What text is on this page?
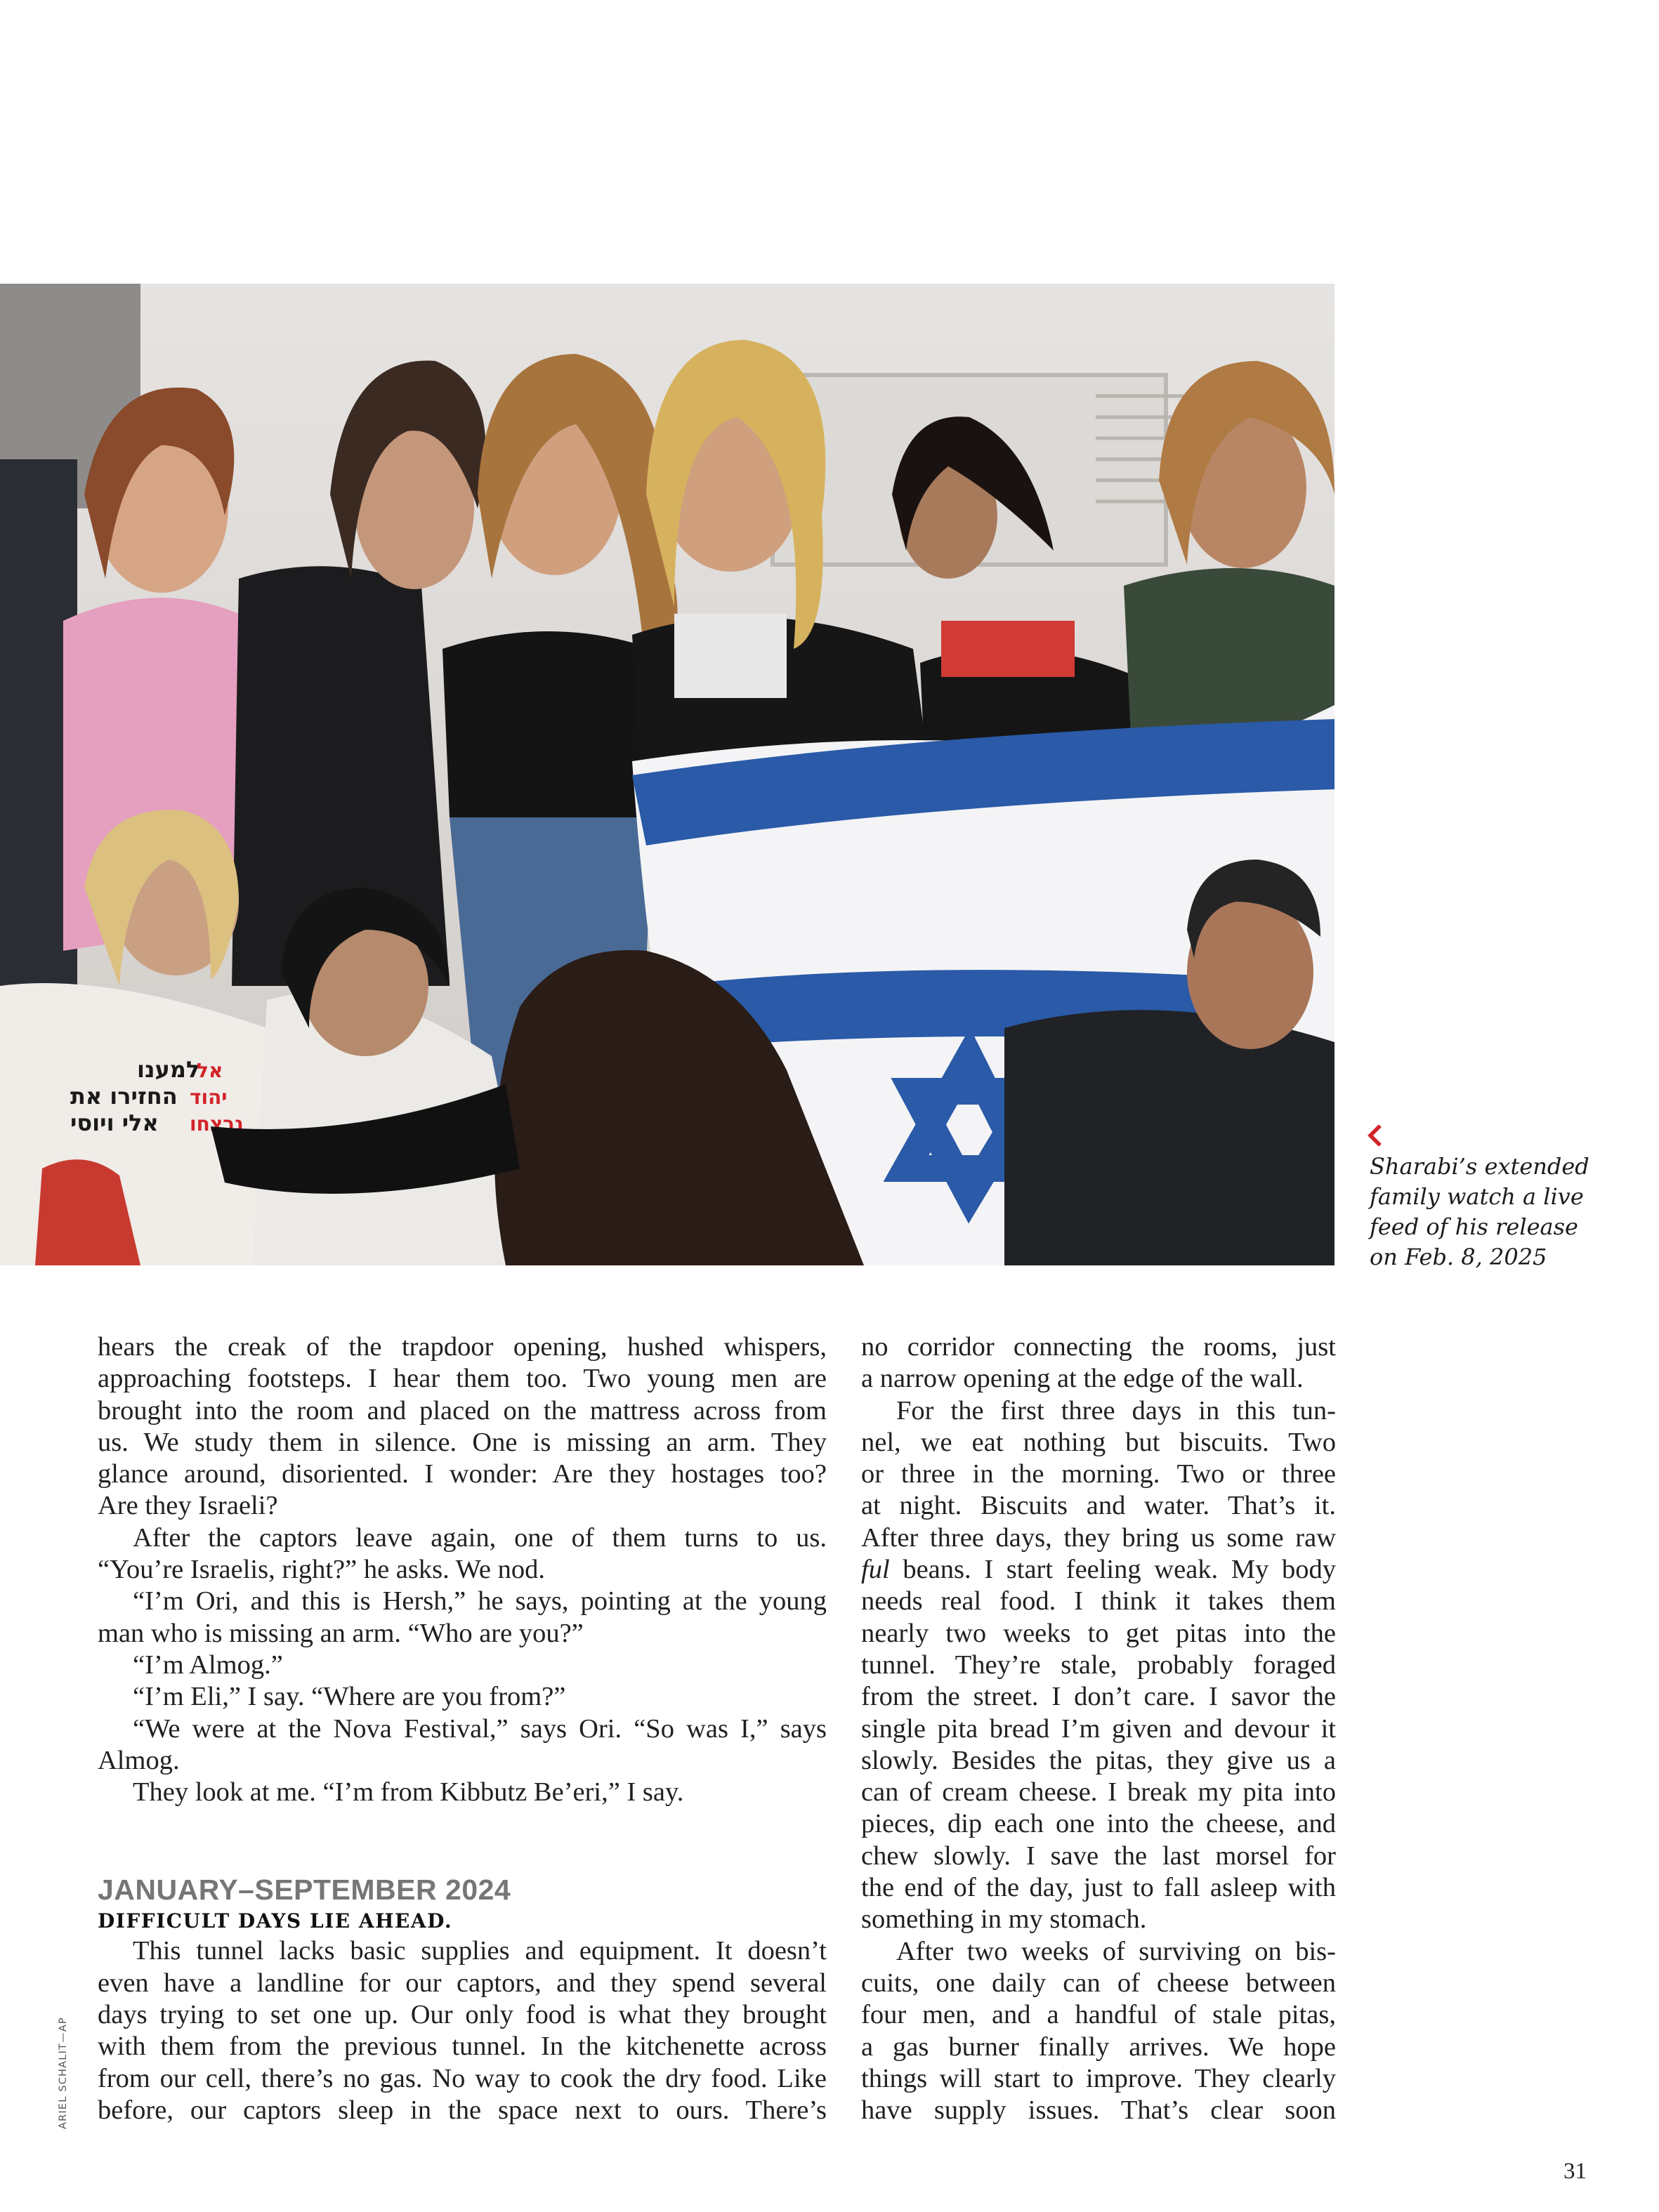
למענו
החזירו את
אלי ויוסי
אל
יהוד
נרצחו
Sharabi’s extended
family watch a live
feed of his release
on Feb. 8, 2025
hears the creak of the trapdoor opening, hushed whispers,
approaching footsteps. I hear them too. Two young men are
brought into the room and placed on the mattress across from
us. We study them in silence. One is missing an arm. They
glance around, disoriented. I wonder: Are they hostages too?
Are they Israeli?
After the captors leave again, one of them turns to us.
“You’re Israelis, right?” he asks. We nod.
“I’m Ori, and this is Hersh,” he says, pointing at the young
man who is missing an arm. “Who are you?”
“I’m Almog.”
“I’m Eli,” I say. “Where are you from?”
“We were at the Nova Festival,” says Ori. “So was I,” says
Almog.
They look at me. “I’m from Kibbutz Be’eri,” I say.
JANUARY–SEPTEMBER 2024
DIFFICULT DAYS LIE AHEAD.
This tunnel lacks basic supplies and equipment. It doesn’t
even have a landline for our captors, and they spend several
days trying to set one up. Our only food is what they brought
with them from the previous tunnel. In the kitchenette across
from our cell, there’s no gas. No way to cook the dry food. Like
before, our captors sleep in the space next to ours. There’s
no corridor connecting the rooms, just
a narrow opening at the edge of the wall.
For the first three days in this tun-
nel, we eat nothing but biscuits. Two
or three in the morning. Two or three
at night. Biscuits and water. That’s it.
After three days, they bring us some raw
ful beans. I start feeling weak. My body
needs real food. I think it takes them
nearly two weeks to get pitas into the
tunnel. They’re stale, probably foraged
from the street. I don’t care. I savor the
single pita bread I’m given and devour it
slowly. Besides the pitas, they give us a
can of cream cheese. I break my pita into
pieces, dip each one into the cheese, and
chew slowly. I save the last morsel for
the end of the day, just to fall asleep with
something in my stomach.
After two weeks of surviving on bis-
cuits, one daily can of cheese between
four men, and a handful of stale pitas,
a gas burner finally arrives. We hope
things will start to improve. They clearly
have supply issues. That’s clear soon
ARIEL SCHALIT—AP
31
